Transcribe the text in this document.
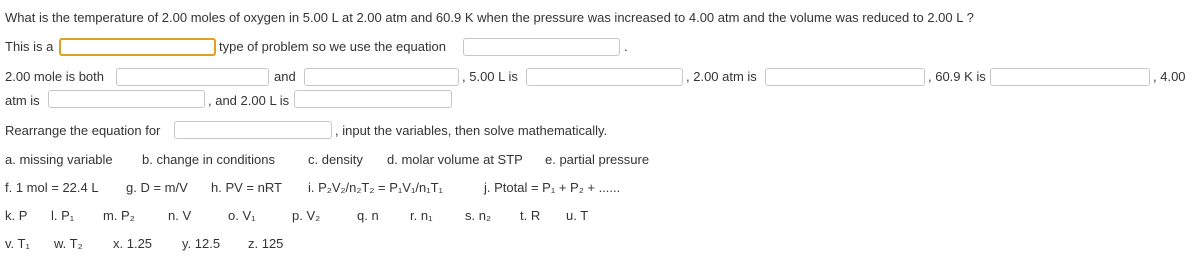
What is the temperature of 2.00 moles of oxygen in 5.00 L at 2.00 atm and 60.9 K when the pressure was increased to 4.00 atm and the volume was reduced to 2.00 L ?
This is a	type of problem so we use the equation	.
2.00 mole is both	and	, 5.00 L is	, 2.00 atm is	, 60.9 K is	, 4.00
atm is	, and 2.00 L is
Rearrange the equation for	, input the variables, then solve mathematically.
a. missing variable b. change in conditions	c. density d. molar volume at STP e. partial pressure
f. 1 mol = 22.4 L g. D = m/V h. PV = nRT i. P₂V₂/n₂T₂ = P₁V₁/n₁T₁	j. Ptotal = P₁ + P₂ + ......
k. P l. P₁ m. P₂	n. V	o. V₁	p. V₂	q. n r. n₁	s. n₂ t. R u. T
v. T₁ w. T₂ x. 1.25 y. 12.5 z. 125
